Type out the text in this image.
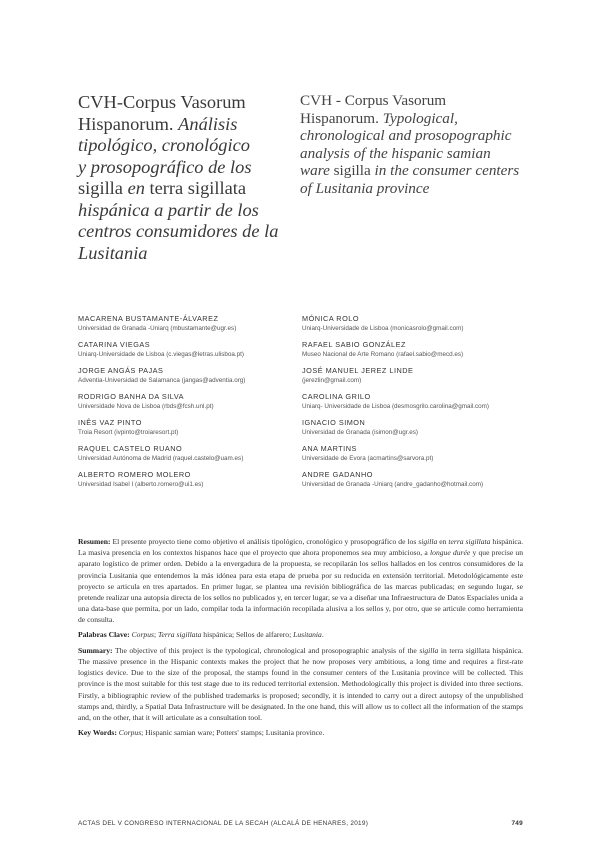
CVH-Corpus Vasorum
Hispanorum. Análisis
tipológico, cronológico
y prosopográfico de los
sigilla en terra sigillata
hispánica a partir de los
centros consumidores de la
Lusitania
CVH - Corpus Vasorum
Hispanorum. Typological,
chronological and prosopographic
analysis of the hispanic samian
ware sigilla in the consumer centers
of Lusitania province
MACARENA BUSTAMANTE-ÁLVAREZ
Universidad de Granada -Uniarq (mbustamante@ugr.es)
CATARINA VIEGAS
Uniarq-Universidade de Lisboa (c.viegas@letras.ulisboa.pt)
JORGE ANGÁS PAJAS
Adventia-Universidad de Salamanca (jangas@adventia.org)
RODRIGO BANHA DA SILVA
Universidade Nova de Lisboa (rbds@fcsh.unl.pt)
INÊS VAZ PINTO
Troia Resort (ivpinto@troiaresort.pt)
RAQUEL CASTELO RUANO
Universidad Autónoma de Madrid (raquel.castelo@uam.es)
ALBERTO ROMERO MOLERO
Universidad Isabel I (alberto.romero@ui1.es)
MÓNICA ROLO
Uniarq-Universidade de Lisboa (monicasrolo@gmail.com)
RAFAEL SABIO GONZÁLEZ
Museo Nacional de Arte Romano (rafael.sabio@mecd.es)
JOSÉ MANUEL JEREZ LINDE
(jerezlin@gmail.com)
CAROLINA GRILO
Uniarq- Universidade de Lisboa (desmosgrilo.carolina@gmail.com)
IGNACIO SIMON
Universidad de Granada (isimon@ugr.es)
ANA MARTINS
Universidade de Evora (acmartins@sarvora.pt)
ANDRE GADANHO
Universidad de Granada -Uniarq (andre_gadanho@hotmail.com)

Resumen: El presente proyecto tiene como objetivo el análisis tipológico, cronológico y prosopográfico de los sigilla en terra sigillata hispánica. La masiva presencia en los contextos hispanos hace que el proyecto que ahora proponemos sea muy ambicioso, a longue durée y que precise un aparato logístico de primer orden. Debido a la envergadura de la propuesta, se recopilarán los sellos hallados en los centros consumidores de la provincia Lusitania que entendemos la más idónea para esta etapa de prueba por su reducida en extensión territorial. Metodológicamente este proyecto se articula en tres apartados. En primer lugar, se plantea una revisión bibliográfica de las marcas publicadas; en segundo lugar, se pretende realizar una autopsia directa de los sellos no publicados y, en tercer lugar, se va a diseñar una Infraestructura de Datos Espaciales unida a una data-base que permita, por un lado, compilar toda la información recopilada alusiva a los sellos y, por otro, que se articule como herramienta de consulta.

Palabras Clave: Corpus; Terra sigillata hispánica; Sellos de alfarero; Lusitania.

Summary: The objective of this project is the typological, chronological and prosopographic analysis of the sigilla in terra sigillata hispánica. The massive presence in the Hispanic contexts makes the project that he now proposes very ambitious, a long time and requires a first-rate logistics device. Due to the size of the proposal, the stamps found in the consumer centers of the Lusitania province will be collected. This province is the most suitable for this test stage due to its reduced territorial extension. Methodologically this project is divided into three sections. Firstly, a bibliographic review of the published trademarks is proposed; secondly, it is intended to carry out a direct autopsy of the unpublished stamps and, thirdly, a Spatial Data Infrastructure will be designated. In the one hand, this will allow us to collect all the information of the stamps and, on the other, that it will articulate as a consultation tool.

Key Words: Corpus; Hispanic samian ware; Potters' stamps; Lusitania province.

ACTAS DEL V CONGRESO INTERNACIONAL DE LA SECAH (ALCALÁ DE HENARES, 2019)	749
